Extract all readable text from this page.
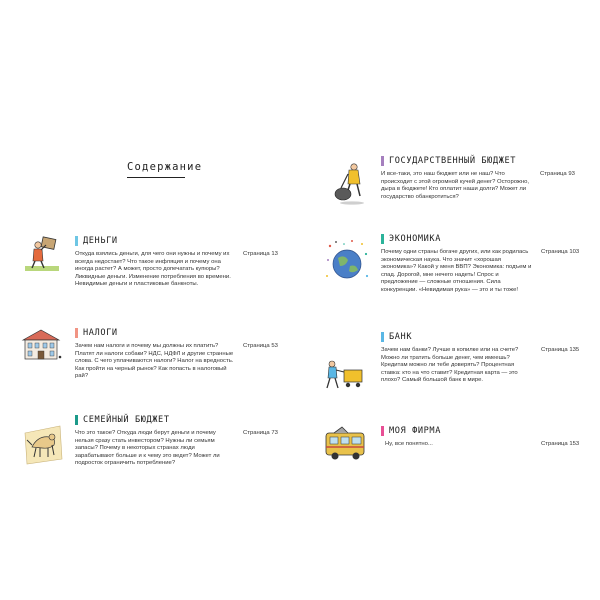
Содержание
ДЕНЬГИ
Откуда взялись деньги, для чего они нужны и почему их всегда недостает? Что такое инфляция и почему она иногда растет? А может, просто допечатать купюры? Ликвидные деньги. Изменение потребления во времени. Невидимые деньги и пластиковые банкноты.
Страница 13
НАЛОГИ
Зачем нам налоги и почему мы должны их платить? Платят ли налоги собаки? НДС, НДФЛ и другие странные слова. С чего уплачиваются налоги? Налог на вредность. Как пройти на черный рынок? Как попасть в налоговый рай?
Страница 53
СЕМЕЙНЫЙ БЮДЖЕТ
Что это такое? Откуда люди берут деньги и почему нельзя сразу стать инвестором? Нужны ли семьям запасы? Почему в некоторых странах люди зарабатывают больше и к чему это ведет? Может ли подросток ограничить потребление?
Страница 73
ГОСУДАРСТВЕННЫЙ БЮДЖЕТ
И все-таки, это наш бюджет или не наш? Что происходит с этой огромной кучей денег? Осторожно, дыра в бюджете! Кто оплатит наши долги? Может ли государство обанкротиться?
Страница 93
ЭКОНОМИКА
Почему одни страны богаче других, или как родилась экономическая наука. Что значит «хорошая экономика»? Какой у меня ВВП? Экономика: подъем и спад. Дорогой, мне нечего надеть! Спрос и предложение — сложные отношения. Сила конкуренции. «Невидимая рука» — это и ты тоже!
Страница 103
БАНК
Зачем нам банки? Лучше в копилке или на счете? Можно ли тратить больше денег, чем имеешь? Кредитам можно ли тебе доверять? Процентная ставка: кто на что ставит? Кредитная карта — это плохо? Самый большой банк в мире.
Страница 135
МОЯ ФИРМА
Ну, все понятно...	Страница 153
